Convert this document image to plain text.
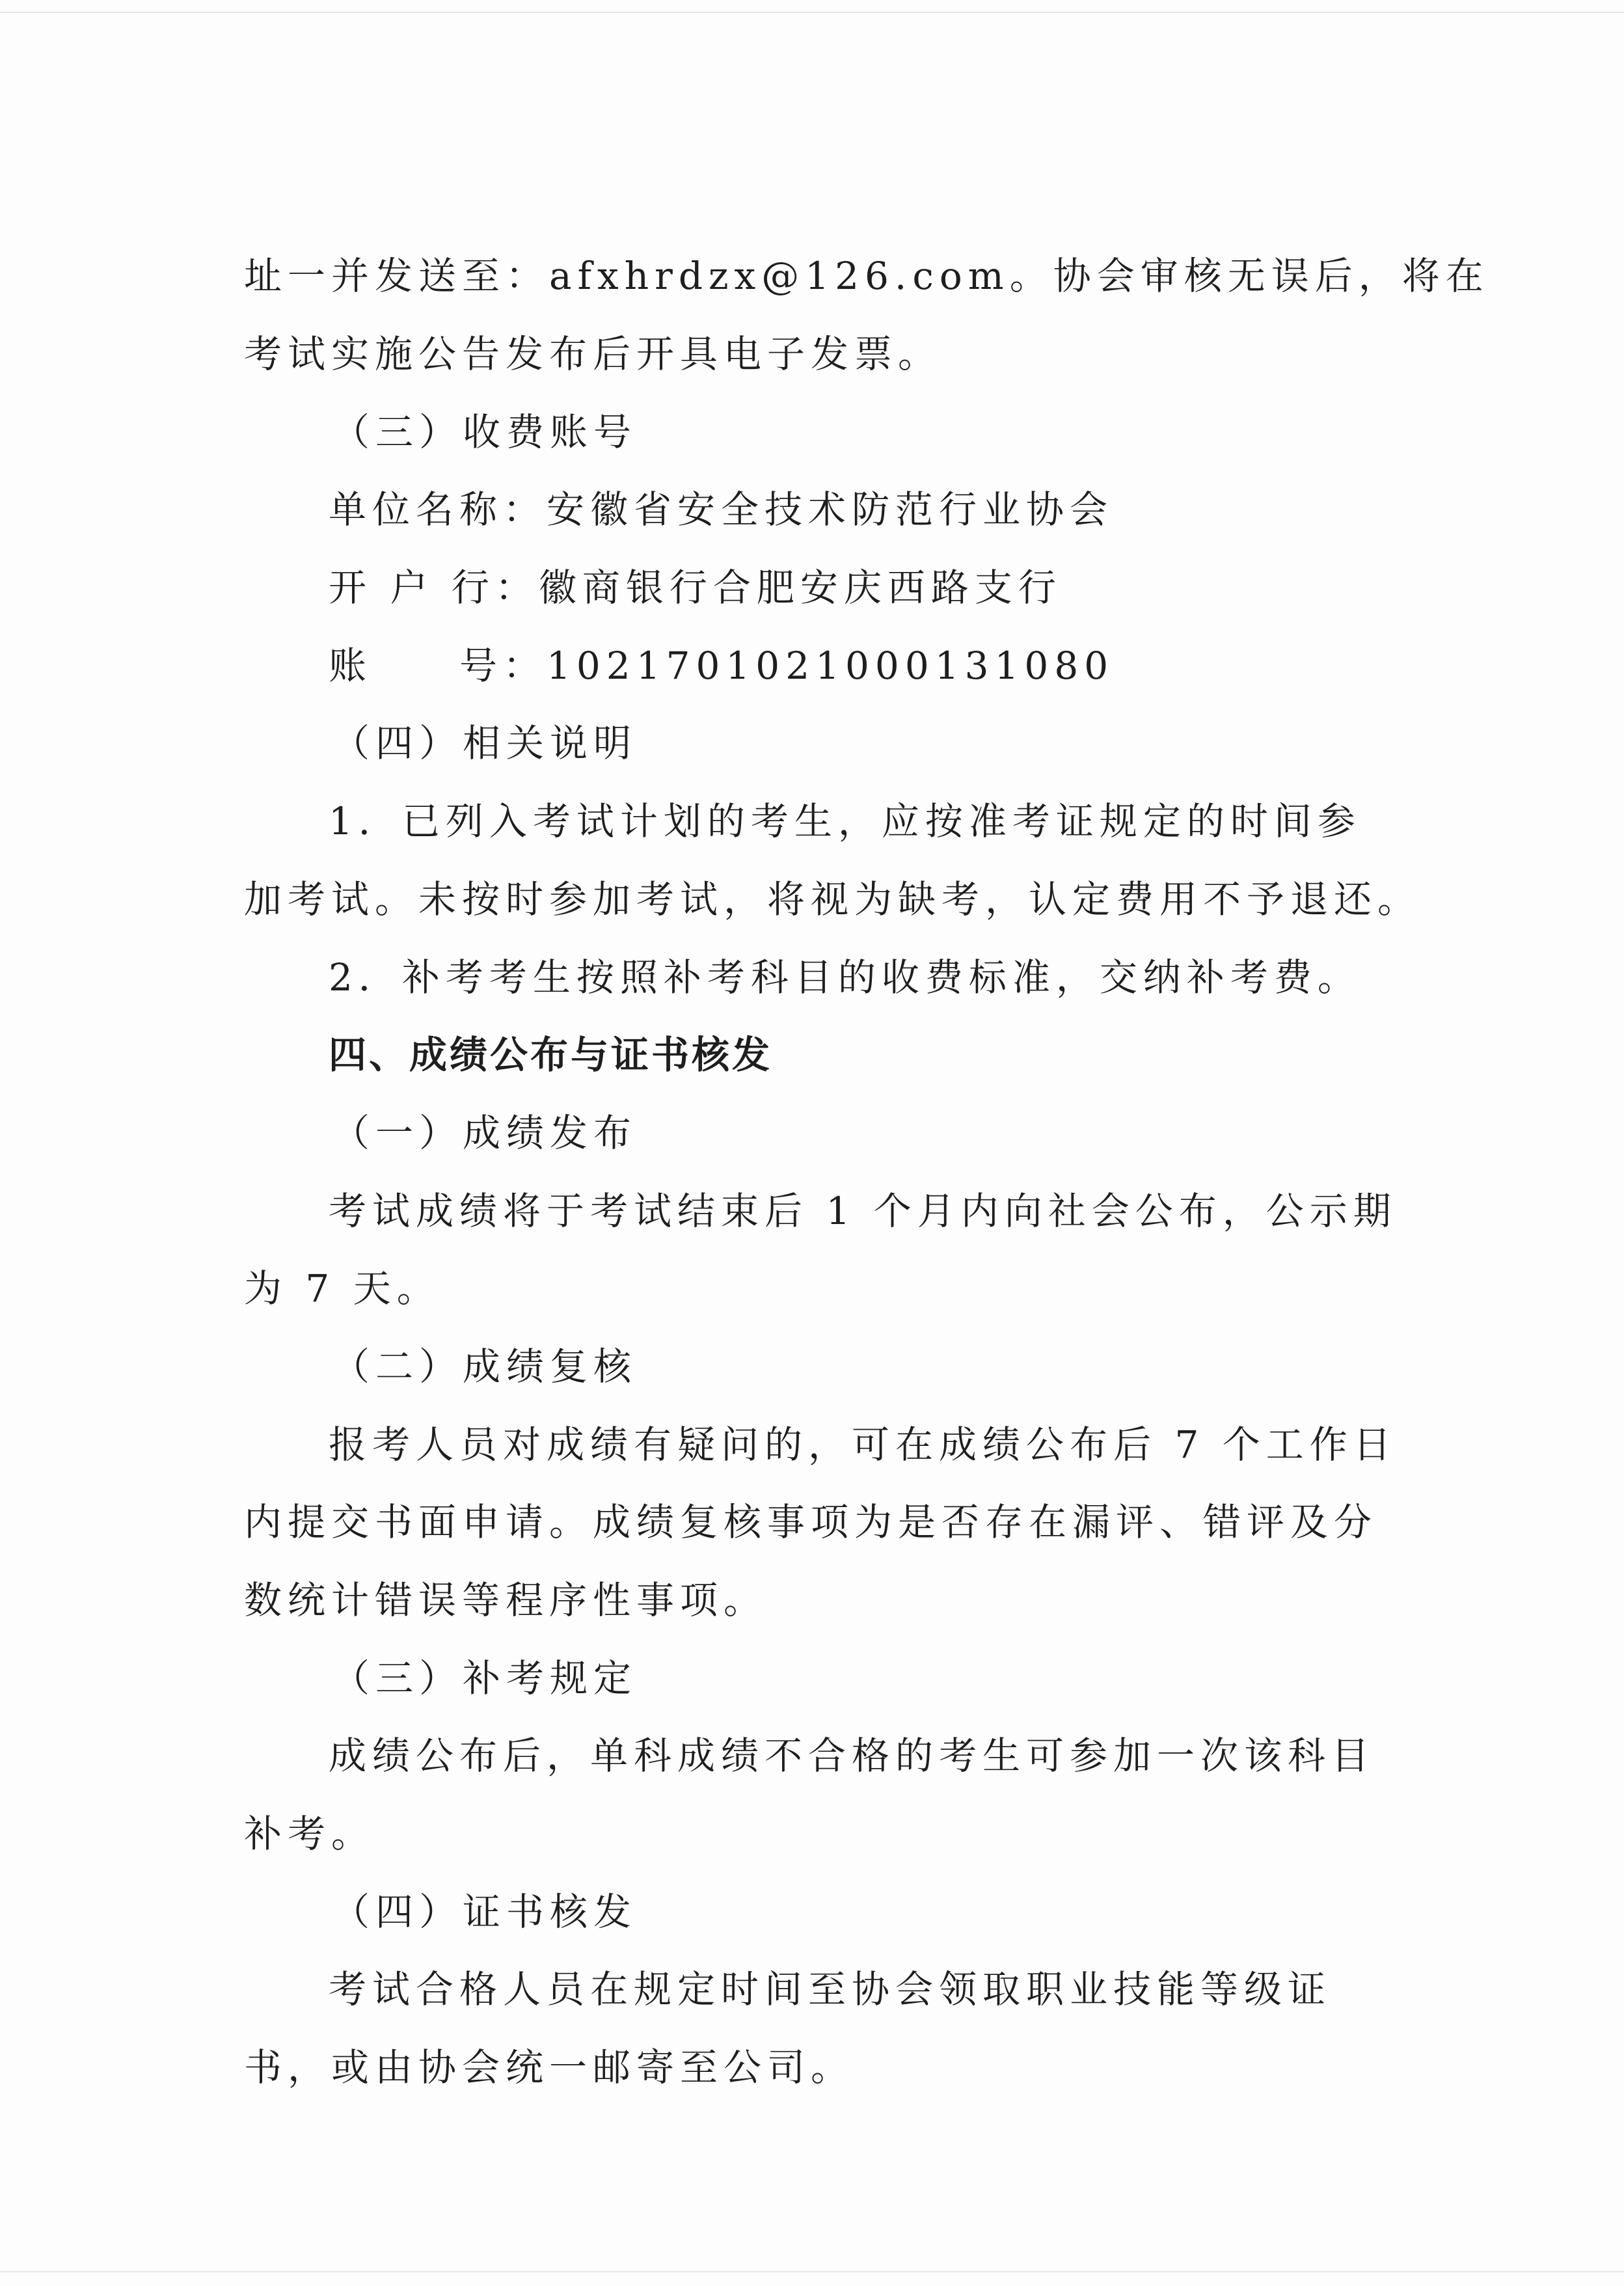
址一并发送至：afxhrdzx@126.com。协会审核无误后，将在
考试实施公告发布后开具电子发票。
（三）收费账号
单位名称：安徽省安全技术防范行业协会
开 户 行：徽商银行合肥安庆西路支行
账　　号：102170102100013108​0
（四）相关说明
1．已列入考试计划的考生，应按准考证规定的时间参
加考试。未按时参加考试，将视为缺考，认定费用不予退还。
2．补考考生按照补考科目的收费标准，交纳补考费。
四、成绩公布与证书核发
（一）成绩发布
考试成绩将于考试结束后 1 个月内向社会公布，公示期
为 7 天。
（二）成绩复核
报考人员对成绩有疑问的，可在成绩公布后 7 个工作日
内提交书面申请。成绩复核事项为是否存在漏评、错评及分
数统计错误等程序性事项。
（三）补考规定
成绩公布后，单科成绩不合格的考生可参加一次该科目
补考。
（四）证书核发
考试合格人员在规定时间至协会领取职业技能等级证
书，或由协会统一邮寄至公司。
